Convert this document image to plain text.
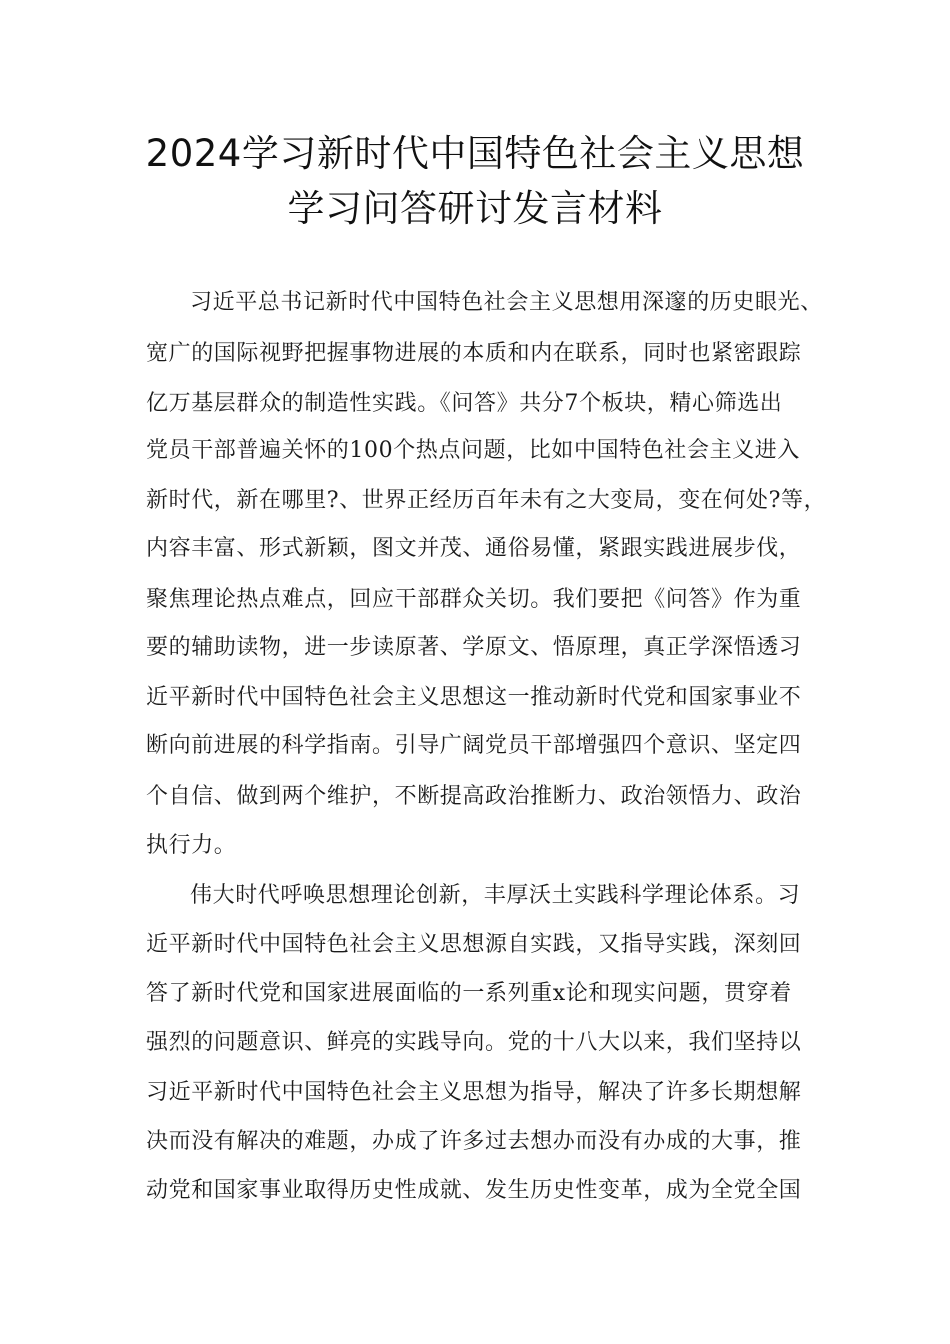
2024学习新时代中国特色社会主义思想
学习问答研讨发言材料

习近平总书记新时代中国特色社会主义思想用深邃的历史眼光、

宽广的国际视野把握事物进展的本质和内在联系，同时也紧密跟踪

亿万基层群众的制造性实践。《问答》共分7个板块，精心筛选出

党员干部普遍关怀的100个热点问题，比如中国特色社会主义进入

新时代，新在哪里?、世界正经历百年未有之大变局，变在何处?等，

内容丰富、形式新颖，图文并茂、通俗易懂，紧跟实践进展步伐，

聚焦理论热点难点，回应干部群众关切。我们要把《问答》作为重

要的辅助读物，进一步读原著、学原文、悟原理，真正学深悟透习

近平新时代中国特色社会主义思想这一推动新时代党和国家事业不

断向前进展的科学指南。引导广阔党员干部增强四个意识、坚定四

个自信、做到两个维护，不断提高政治推断力、政治领悟力、政治

执行力。

伟大时代呼唤思想理论创新，丰厚沃土实践科学理论体系。习

近平新时代中国特色社会主义思想源自实践，又指导实践，深刻回

答了新时代党和国家进展面临的一系列重x论和现实问题，贯穿着

强烈的问题意识、鲜亮的实践导向。党的十八大以来，我们坚持以

习近平新时代中国特色社会主义思想为指导，解决了许多长期想解

决而没有解决的难题，办成了许多过去想办而没有办成的大事，推

动党和国家事业取得历史性成就、发生历史性变革，成为全党全国
